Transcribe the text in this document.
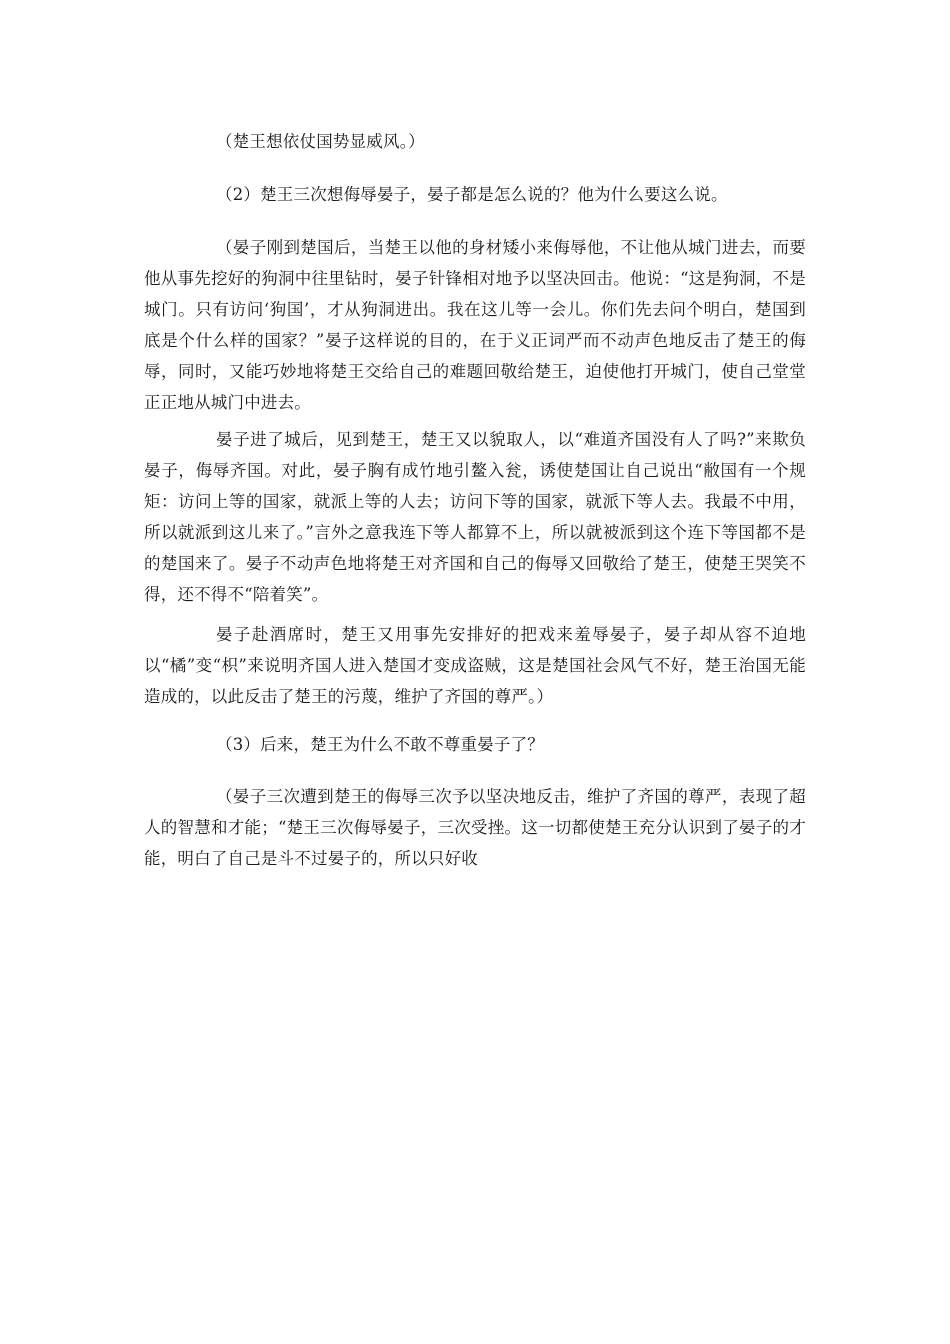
（楚王想依仗国势显威风。）

（2）楚王三次想侮辱晏子，晏子都是怎么说的？他为什么要这么说。

（晏子刚到楚国后，当楚王以他的身材矮小来侮辱他，不让他从城门进去，而要他从事先挖好的狗洞中往里钻时，晏子针锋相对地予以坚决回击。他说：“这是狗洞，不是城门。只有访问‘狗国’，才从狗洞进出。我在这儿等一会儿。你们先去问个明白，楚国到底是个什么样的国家？”晏子这样说的目的，在于义正词严而不动声色地反击了楚王的侮辱，同时，又能巧妙地将楚王交给自己的难题回敬给楚王，迫使他打开城门，使自己堂堂正正地从城门中进去。

晏子进了城后，见到楚王，楚王又以貌取人，以“难道齐国没有人了吗?”来欺负晏子，侮辱齐国。对此，晏子胸有成竹地引鳌入瓮，诱使楚国让自己说出“敝国有一个规矩：访问上等的国家，就派上等的人去；访问下等的国家，就派下等人去。我最不中用，所以就派到这儿来了。”言外之意我连下等人都算不上，所以就被派到这个连下等国都不是的楚国来了。晏子不动声色地将楚王对齐国和自己的侮辱又回敬给了楚王，使楚王哭笑不得，还不得不“陪着笑”。

晏子赴酒席时，楚王又用事先安排好的把戏来羞辱晏子，晏子却从容不迫地以“橘”变“枳”来说明齐国人进入楚国才变成盗贼，这是楚国社会风气不好，楚王治国无能造成的，以此反击了楚王的污蔑，维护了齐国的尊严。）

（3）后来，楚王为什么不敢不尊重晏子了？

（晏子三次遭到楚王的侮辱三次予以坚决地反击，维护了齐国的尊严，表现了超人的智慧和才能；“楚王三次侮辱晏子，三次受挫。这一切都使楚王充分认识到了晏子的才能，明白了自己是斗不过晏子的，所以只好收
